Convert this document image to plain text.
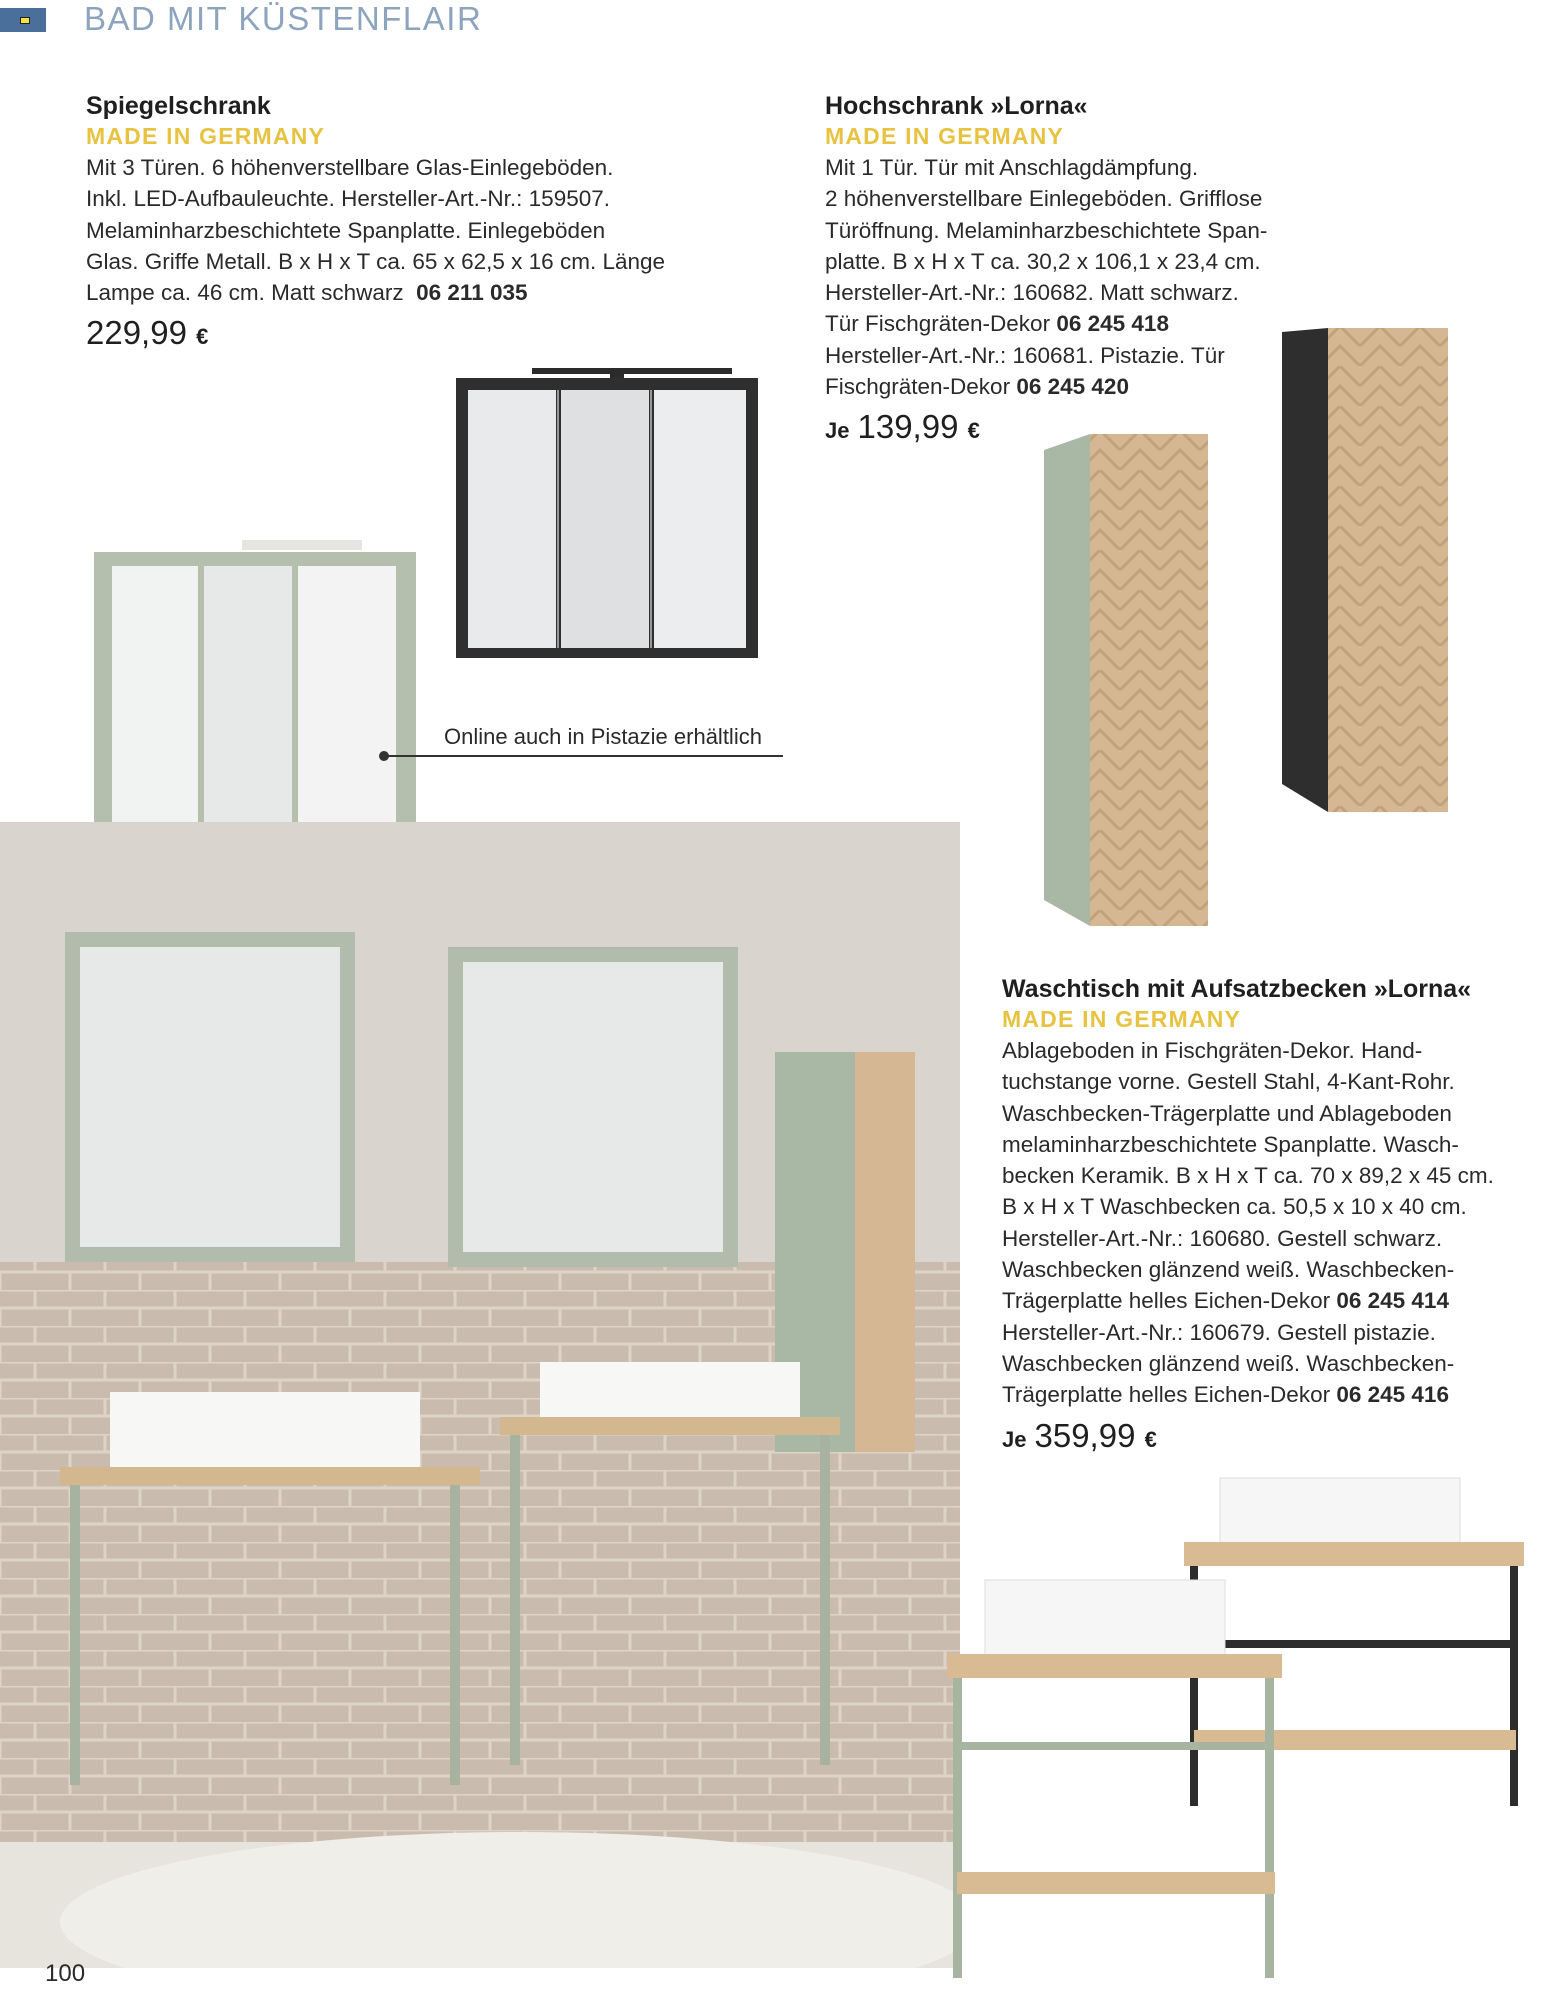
BAD MIT KÜSTENFLAIR
Spiegelschrank
MADE IN GERMANY
Mit 3 Türen. 6 höhenverstellbare Glas-Einlegeböden.
Inkl. LED-Aufbauleuchte. Hersteller-Art.-Nr.: 159507.
Melaminharzbeschichtete Spanplatte. Einlegeböden
Glas. Griffe Metall. B x H x T ca. 65 x 62,5 x 16 cm. Länge
Lampe ca. 46 cm. Matt schwarz 06 211 035
229,99 €
Hochschrank »Lorna«
MADE IN GERMANY
Mit 1 Tür. Tür mit Anschlagdämpfung.
2 höhenverstellbare Einlegeböden. Grifflose
Türöffnung. Melaminharzbeschichtete Span-
platte. B x H x T ca. 30,2 x 106,1 x 23,4 cm.
Hersteller-Art.-Nr.: 160682. Matt schwarz.
Tür Fischgräten-Dekor 06 245 418
Hersteller-Art.-Nr.: 160681. Pistazie. Tür
Fischgräten-Dekor 06 245 420
Je 139,99 €
Online auch in Pistazie erhältlich
Waschtisch mit Aufsatzbecken »Lorna«
MADE IN GERMANY
Ablageboden in Fischgräten-Dekor. Hand-
tuchstange vorne. Gestell Stahl, 4-Kant-Rohr.
Waschbecken-Trägerplatte und Ablageboden
melaminharzbeschichtete Spanplatte. Wasch-
becken Keramik. B x H x T ca. 70 x 89,2 x 45 cm.
B x H x T Waschbecken ca. 50,5 x 10 x 40 cm.
Hersteller-Art.-Nr.: 160680. Gestell schwarz.
Waschbecken glänzend weiß. Waschbecken-
Trägerplatte helles Eichen-Dekor 06 245 414
Hersteller-Art.-Nr.: 160679. Gestell pistazie.
Waschbecken glänzend weiß. Waschbecken-
Trägerplatte helles Eichen-Dekor 06 245 416
Je 359,99 €
100
